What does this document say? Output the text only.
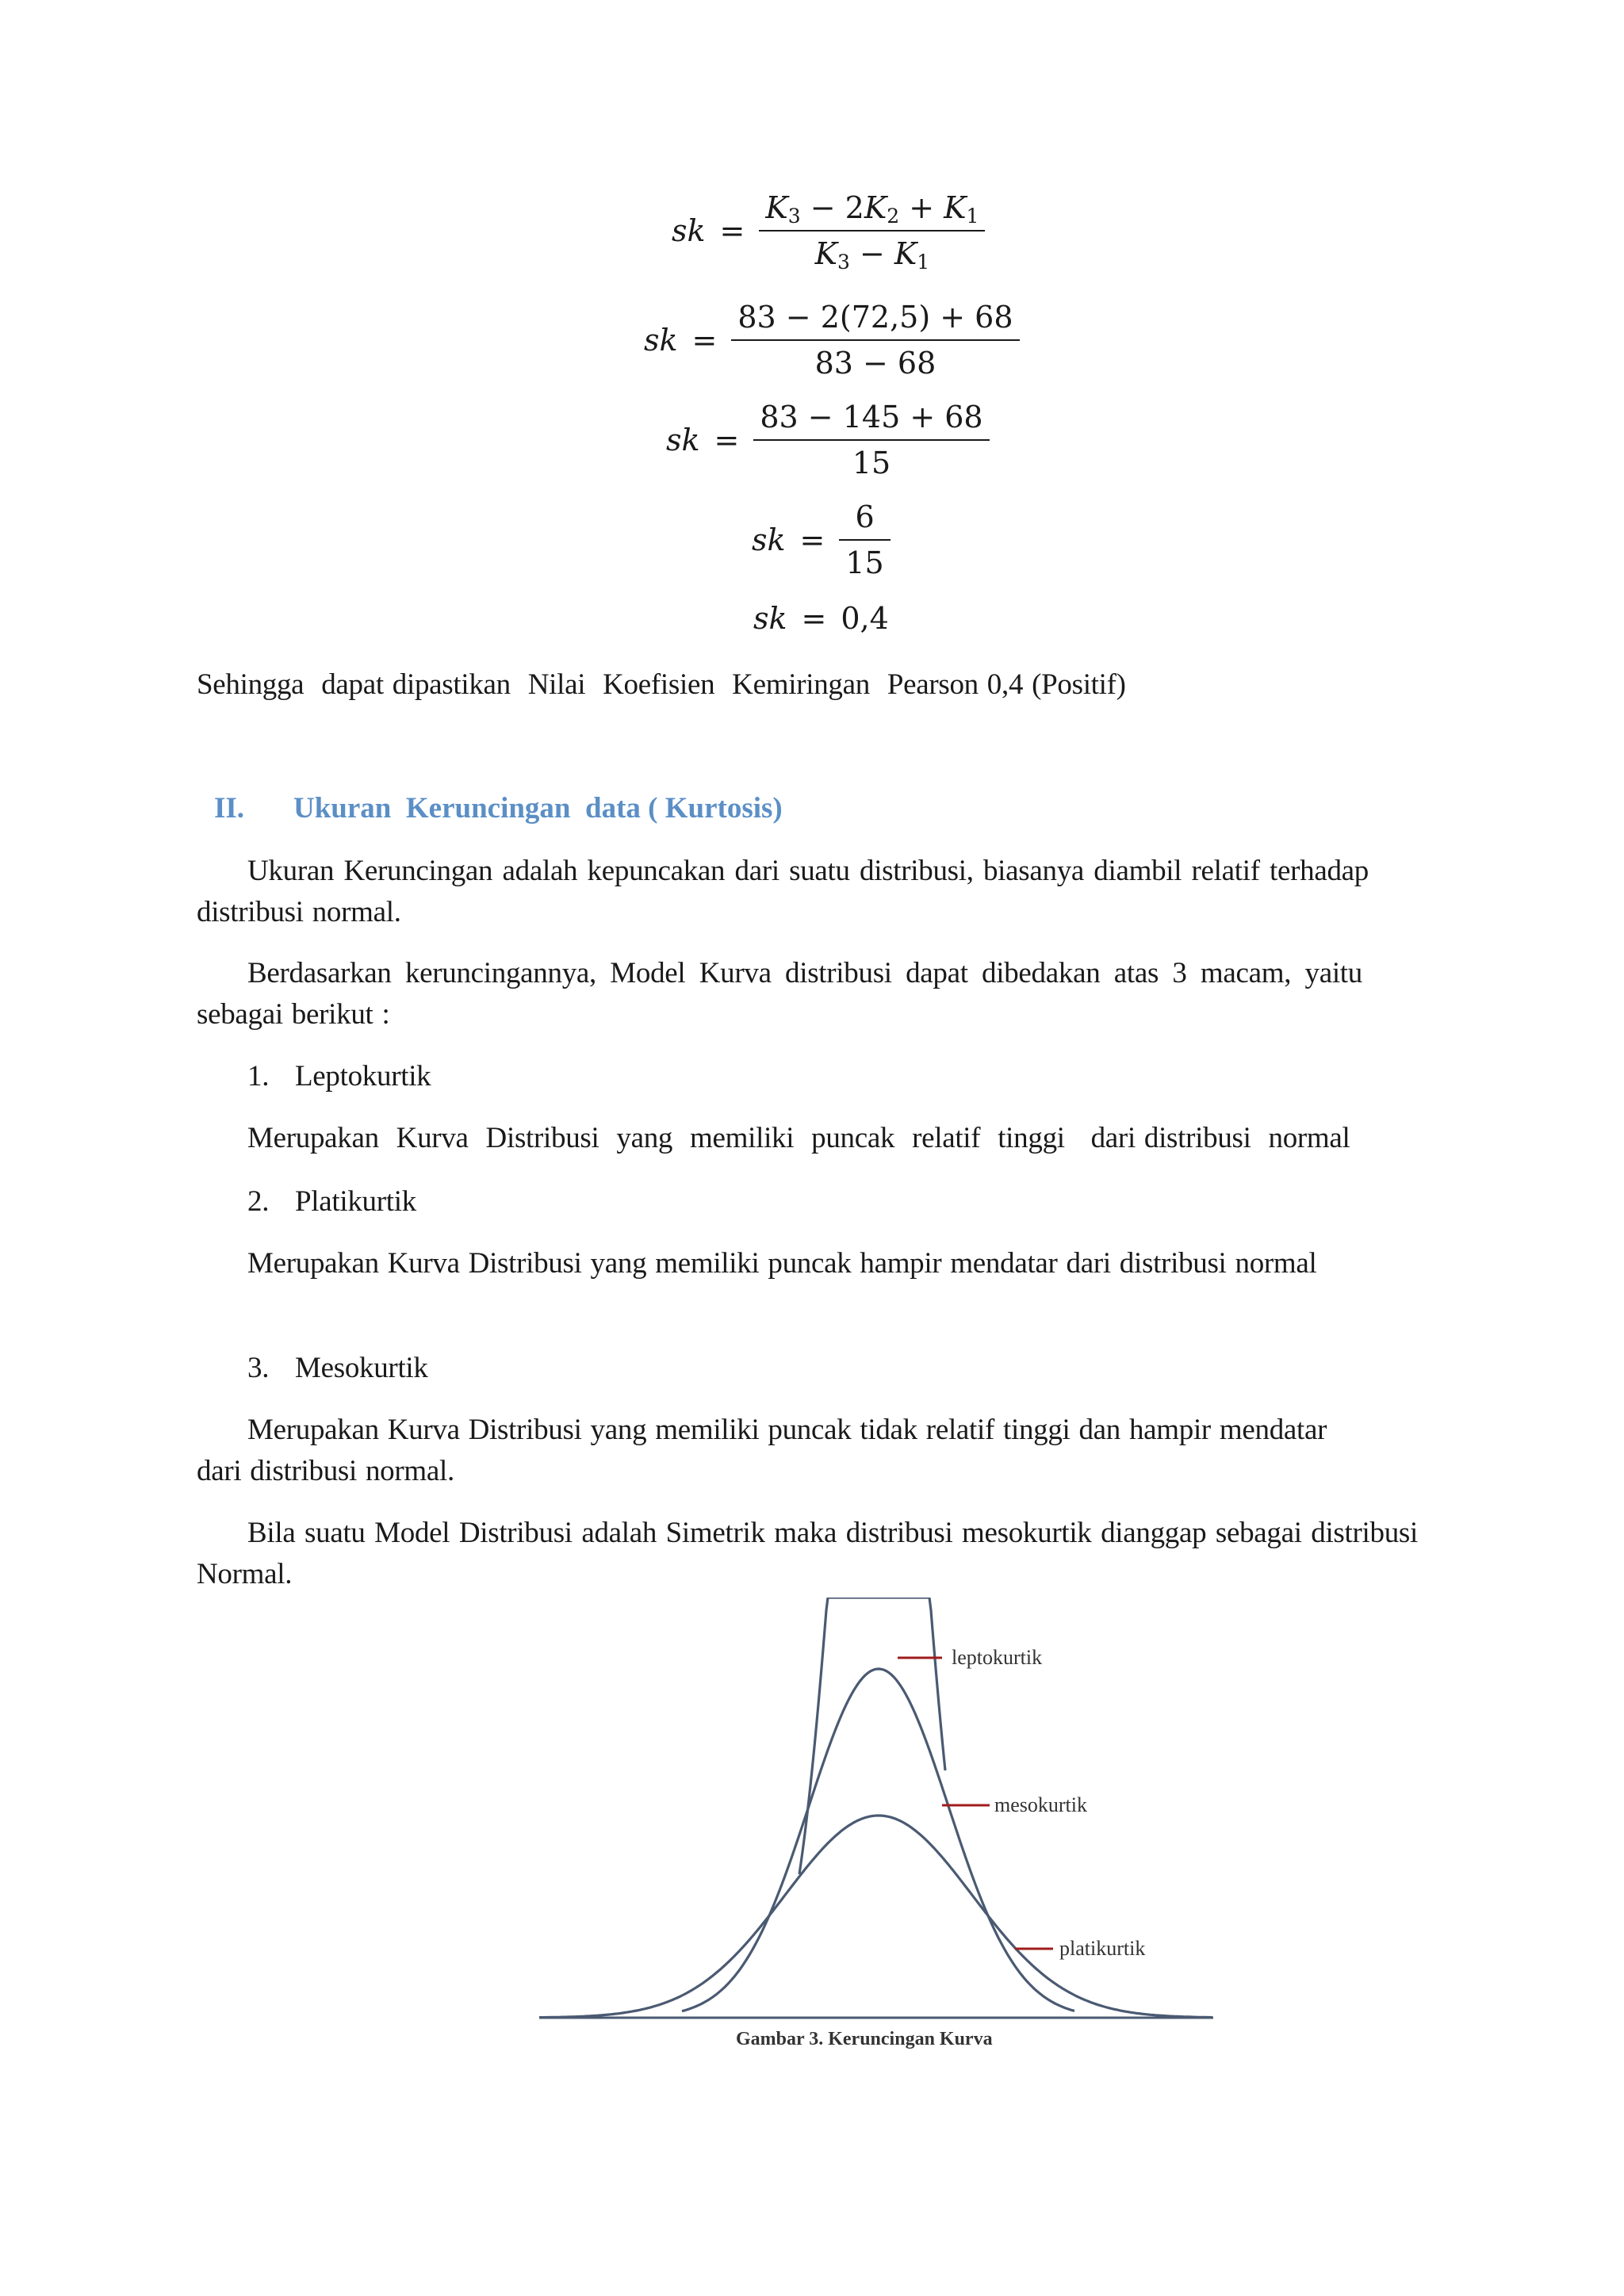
sk = $\frac{K_3 - 2K_2 + K_1}{K_3 - K_1}$
sk = $\frac{83 - 2(72,5) + 68}{83 - 68}$
sk = $\frac{83 - 145 + 68}{15}$
sk = $\frac{6}{15}$
sk = 0,4
Sehingga  dapat dipastikan  Nilai  Koefisien  Kemiringan  Pearson 0,4 (Positif)
II. Ukuran  Keruncingan  data ( Kurtosis)
Ukuran Keruncingan adalah kepuncakan dari suatu distribusi, biasanya diambil relatif terhadap distribusi normal.
Berdasarkan keruncingannya, Model Kurva distribusi dapat dibedakan atas 3 macam, yaitu sebagai berikut :
1. Leptokurtik
Merupakan  Kurva  Distribusi  yang  memiliki  puncak  relatif  tinggi   dari distribusi  normal
2. Platikurtik
Merupakan Kurva Distribusi yang memiliki puncak hampir mendatar dari distribusi normal
3. Mesokurtik
Merupakan Kurva Distribusi yang memiliki puncak tidak relatif tinggi dan hampir mendatar dari distribusi normal.
Bila suatu Model Distribusi adalah Simetrik maka distribusi mesokurtik dianggap sebagai distribusi Normal.
leptokurtik
mesokurtik
platikurtik
Gambar 3. Keruncingan Kurva
